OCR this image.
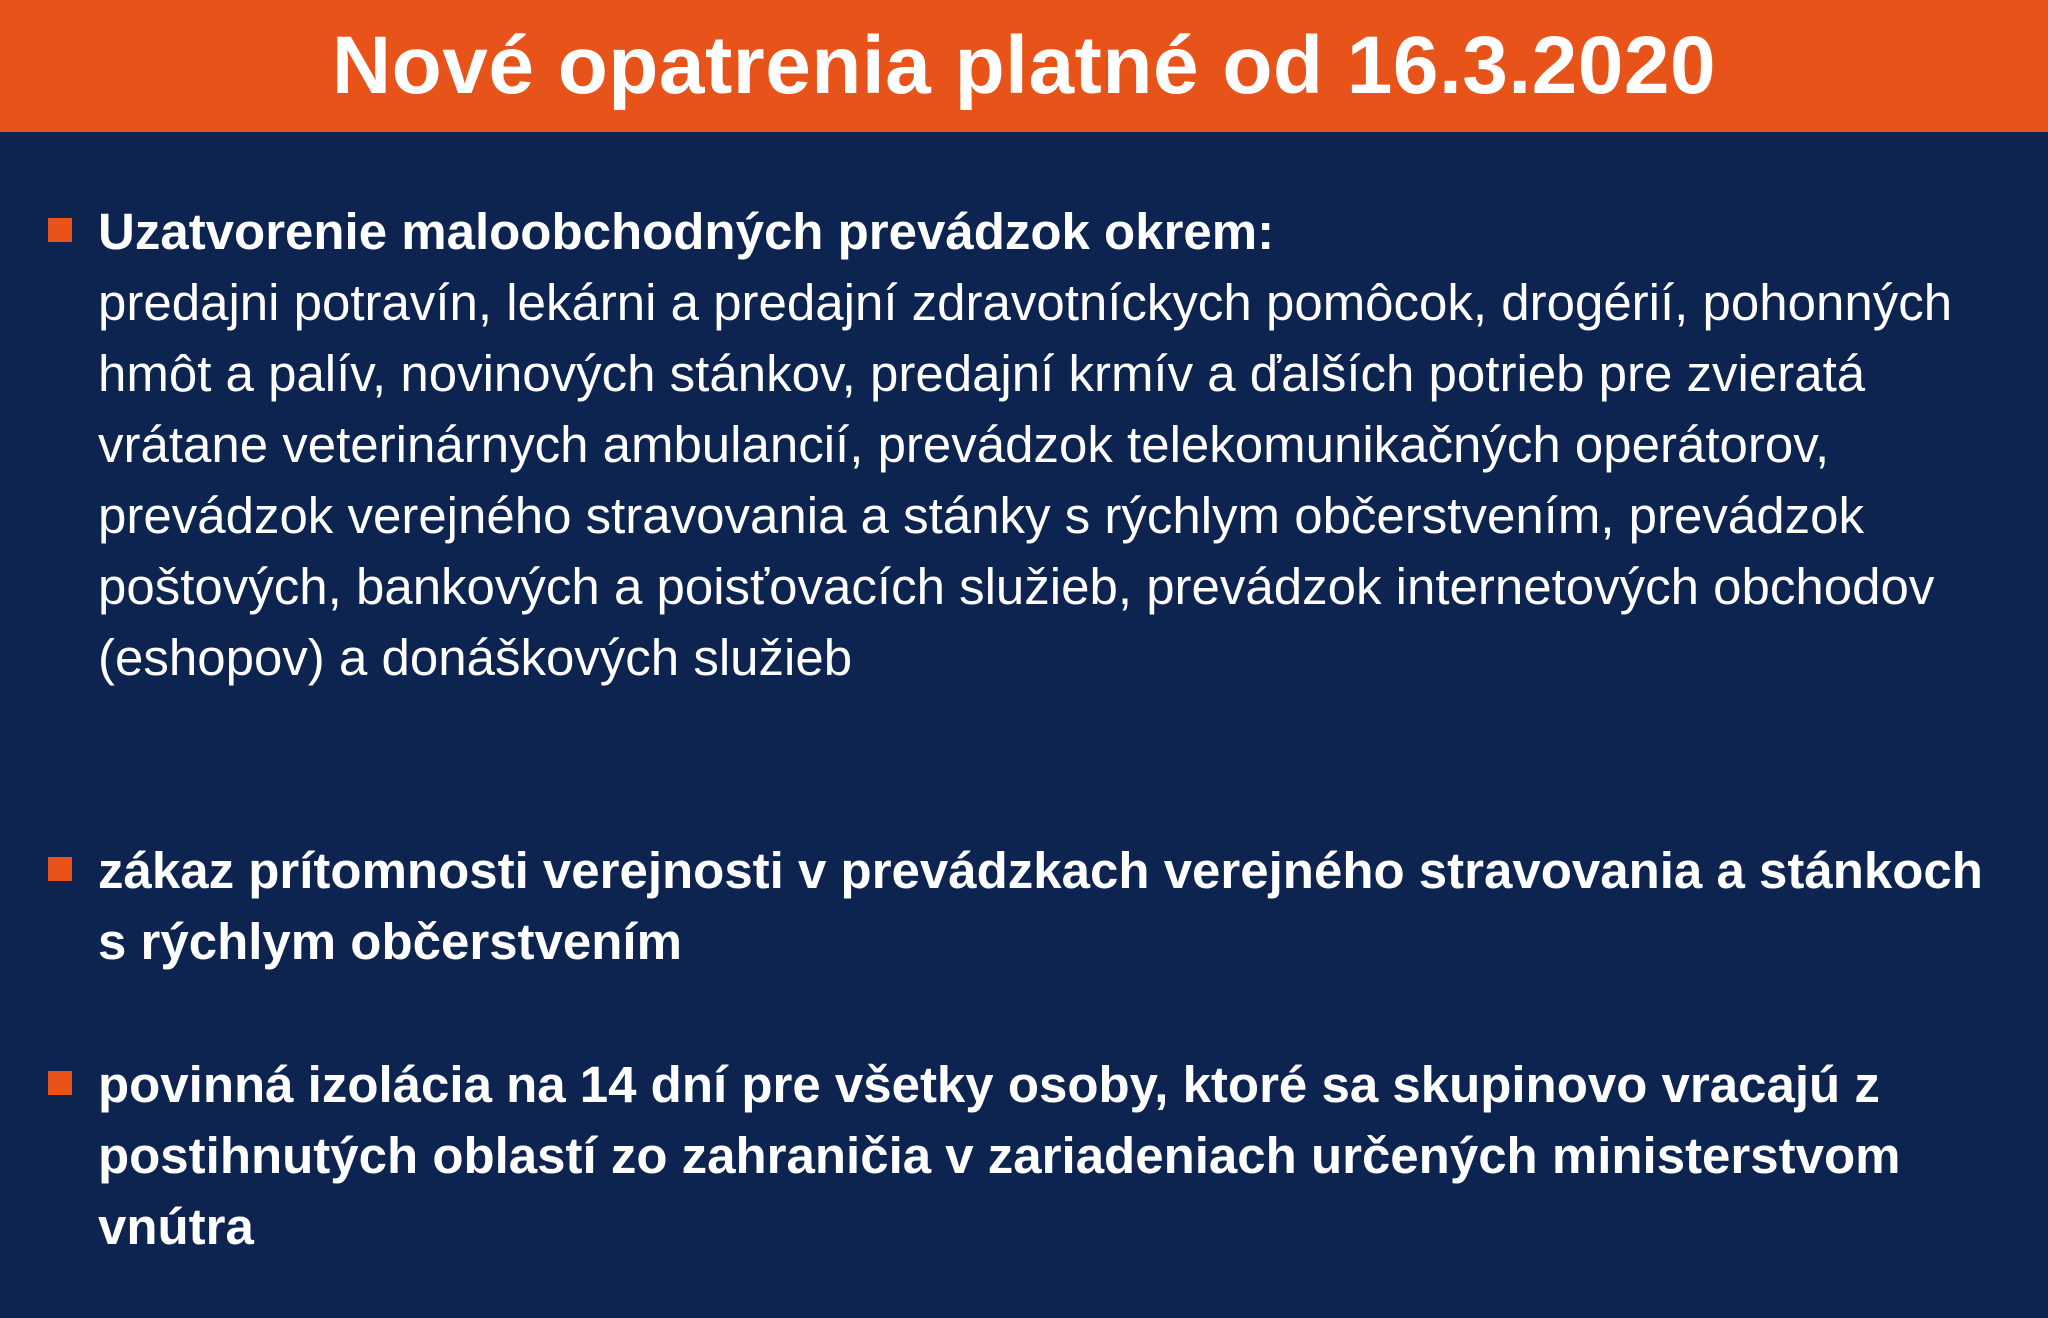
Nové opatrenia platné od 16.3.2020
Uzatvorenie maloobchodných prevádzok okrem:
predajni potravín, lekárni a predajní zdravotníckych pomôcok, drogérií, pohonných hmôt a palív, novinových stánkov, predajní krmív a ďalších potrieb pre zvieratá vrátane veterinárnych ambulancií, prevádzok telekomunikačných operátorov, prevádzok verejného stravovania a stánky s rýchlym občerstvením, prevádzok poštových, bankových a poisťovacích služieb, prevádzok internetových obchodov (eshopov) a donáškových služieb
zákaz prítomnosti verejnosti v prevádzkach verejného stravovania a stánkoch s rýchlym občerstvením
povinná izolácia na 14 dní pre všetky osoby, ktoré sa skupinovo vracajú z postihnutých oblastí zo zahraničia v zariadeniach určených ministerstvom vnútra
